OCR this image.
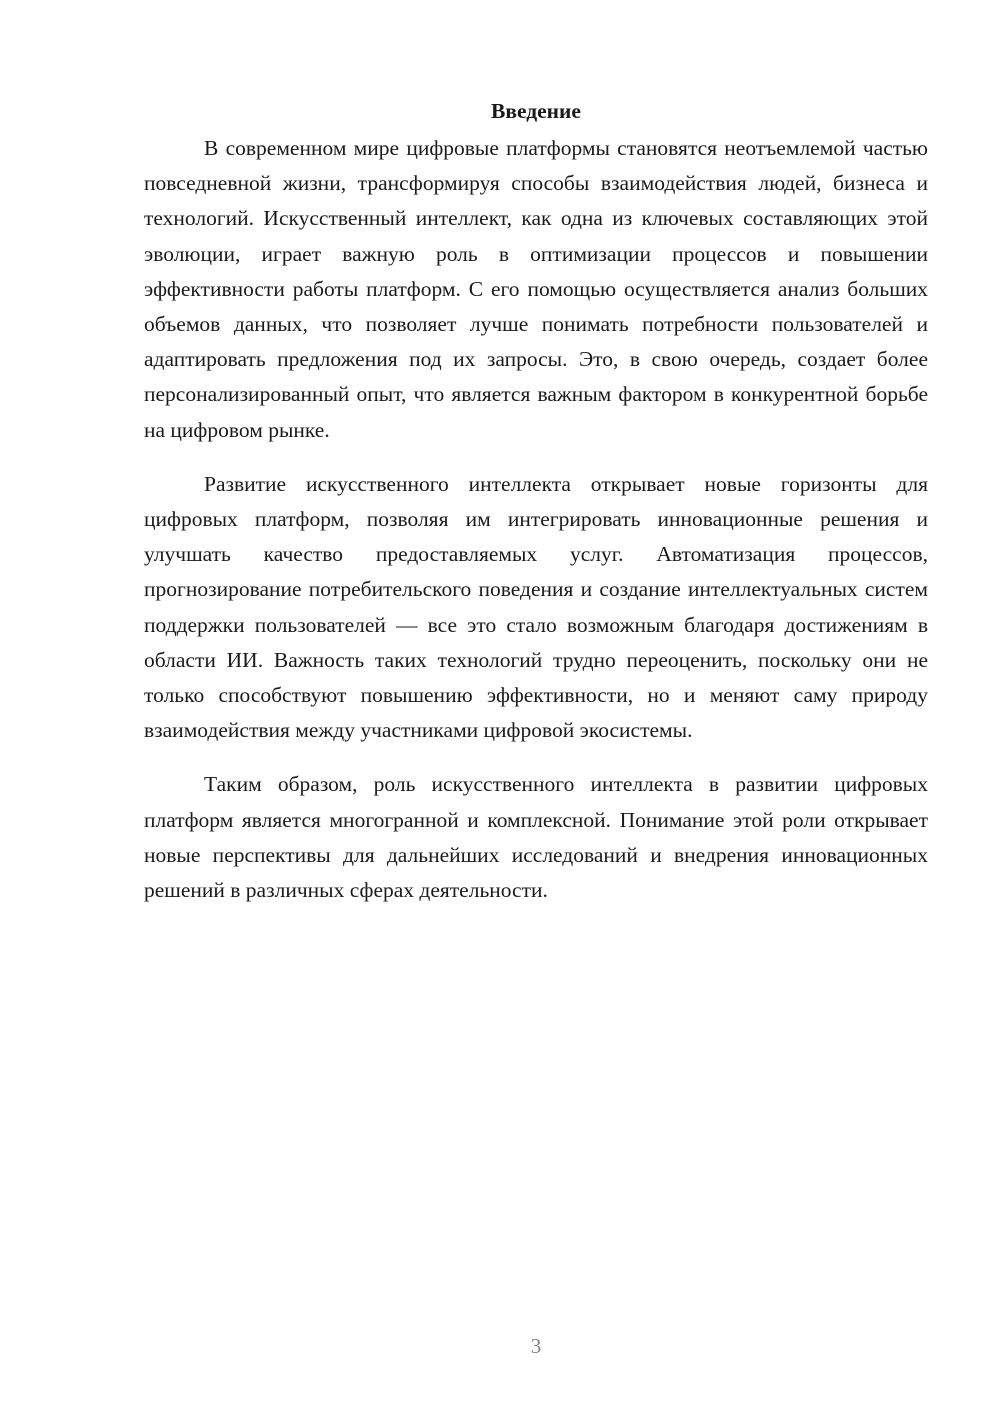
Введение

В современном мире цифровые платформы становятся неотъемлемой частью повседневной жизни, трансформируя способы взаимодействия людей, бизнеса и технологий. Искусственный интеллект, как одна из ключевых составляющих этой эволюции, играет важную роль в оптимизации процессов и повышении эффективности работы платформ. С его помощью осуществляется анализ больших объемов данных, что позволяет лучше понимать потребности пользователей и адаптировать предложения под их запросы. Это, в свою очередь, создает более персонализированный опыт, что является важным фактором в конкурентной борьбе на цифровом рынке.

Развитие искусственного интеллекта открывает новые горизонты для цифровых платформ, позволяя им интегрировать инновационные решения и улучшать качество предоставляемых услуг. Автоматизация процессов, прогнозирование потребительского поведения и создание интеллектуальных систем поддержки пользователей — все это стало возможным благодаря достижениям в области ИИ. Важность таких технологий трудно переоценить, поскольку они не только способствуют повышению эффективности, но и меняют саму природу взаимодействия между участниками цифровой экосистемы.

Таким образом, роль искусственного интеллекта в развитии цифровых платформ является многогранной и комплексной. Понимание этой роли открывает новые перспективы для дальнейших исследований и внедрения инновационных решений в различных сферах деятельности.

3
